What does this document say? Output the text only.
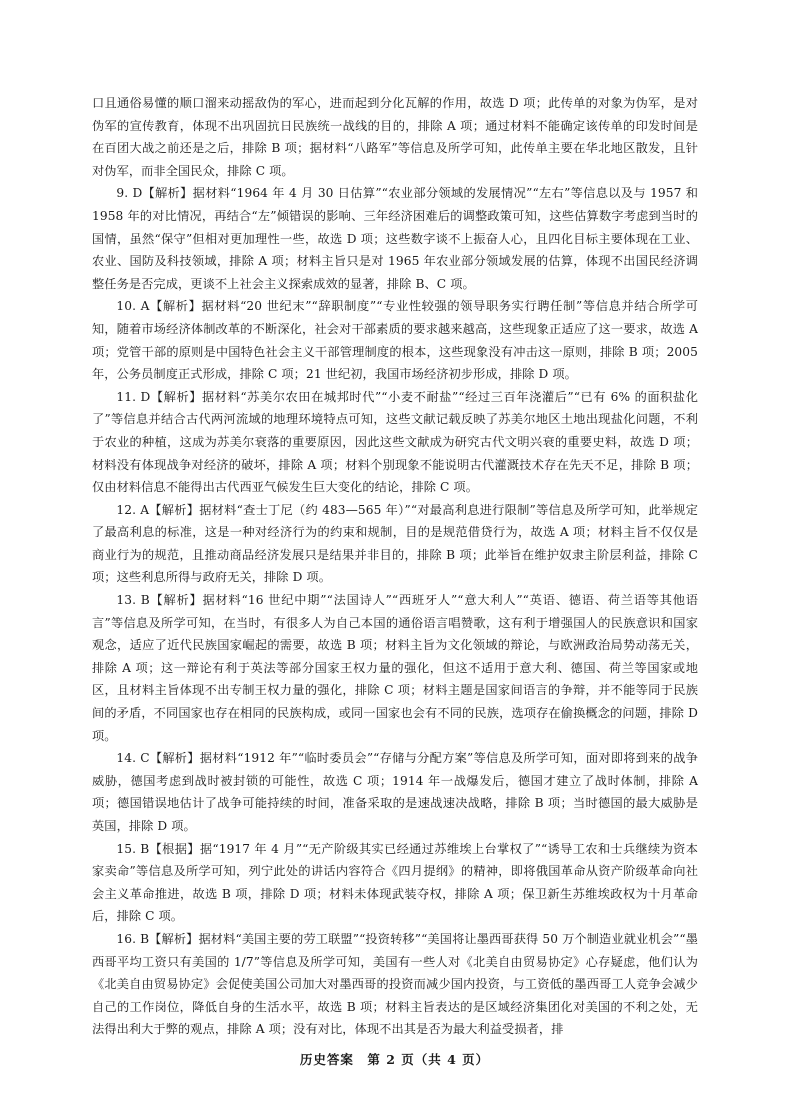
口且通俗易懂的顺口溜来动摇敌伪的军心，进而起到分化瓦解的作用，故选 D 项；此传单的对象为伪军，是对伪军的宣传教育，体现不出巩固抗日民族统一战线的目的，排除 A 项；通过材料不能确定该传单的印发时间是在百团大战之前还是之后，排除 B 项；据材料“八路军”等信息及所学可知，此传单主要在华北地区散发，且针对伪军，而非全国民众，排除 C 项。

9. D【解析】据材料“1964 年 4 月 30 日估算”“农业部分领域的发展情况”“左右”等信息以及与 1957 和 1958 年的对比情况，再结合“左”倾错误的影响、三年经济困难后的调整政策可知，这些估算数字考虑到当时的国情，虽然“保守”但相对更加理性一些，故选 D 项；这些数字谈不上振奋人心，且四化目标主要体现在工业、农业、国防及科技领域，排除 A 项；材料主旨只是对 1965 年农业部分领域发展的估算，体现不出国民经济调整任务是否完成，更谈不上社会主义探索成效的显著，排除 B、C 项。

10. A【解析】据材料“20 世纪末”“辞职制度”“专业性较强的领导职务实行聘任制”等信息并结合所学可知，随着市场经济体制改革的不断深化，社会对干部素质的要求越来越高，这些现象正适应了这一要求，故选 A 项；党管干部的原则是中国特色社会主义干部管理制度的根本，这些现象没有冲击这一原则，排除 B 项；2005 年，公务员制度正式形成，排除 C 项；21 世纪初，我国市场经济初步形成，排除 D 项。

11. D【解析】据材料“苏美尔农田在城邦时代”“小麦不耐盐”“经过三百年浇灌后”“已有 6% 的面积盐化了”等信息并结合古代两河流域的地理环境特点可知，这些文献记载反映了苏美尔地区土地出现盐化问题，不利于农业的种植，这成为苏美尔衰落的重要原因，因此这些文献成为研究古代文明兴衰的重要史料，故选 D 项；材料没有体现战争对经济的破坏，排除 A 项；材料个别现象不能说明古代灌溉技术存在先天不足，排除 B 项；仅由材料信息不能得出古代西亚气候发生巨大变化的结论，排除 C 项。

12. A【解析】据材料“查士丁尼（约 483—565 年）”“对最高利息进行限制”等信息及所学可知，此举规定了最高利息的标准，这是一种对经济行为的约束和规制，目的是规范借贷行为，故选 A 项；材料主旨不仅仅是商业行为的规范，且推动商品经济发展只是结果并非目的，排除 B 项；此举旨在维护奴隶主阶层利益，排除 C 项；这些利息所得与政府无关，排除 D 项。

13. B【解析】据材料“16 世纪中期”“法国诗人”“西班牙人”“意大利人”“英语、德语、荷兰语等其他语言”等信息及所学可知，在当时，有很多人为自己本国的通俗语言唱赞歌，这有利于增强国人的民族意识和国家观念，适应了近代民族国家崛起的需要，故选 B 项；材料主旨为文化领域的辩论，与欧洲政治局势动荡无关，排除 A 项；这一辩论有利于英法等部分国家王权力量的强化，但这不适用于意大利、德国、荷兰等国家或地区，且材料主旨体现不出专制王权力量的强化，排除 C 项；材料主题是国家间语言的争辩，并不能等同于民族间的矛盾，不同国家也存在相同的民族构成，或同一国家也会有不同的民族，选项存在偷换概念的问题，排除 D 项。

14. C【解析】据材料“1912 年”“临时委员会”“存储与分配方案”等信息及所学可知，面对即将到来的战争威胁，德国考虑到战时被封锁的可能性，故选 C 项；1914 年一战爆发后，德国才建立了战时体制，排除 A 项；德国错误地估计了战争可能持续的时间，准备采取的是速战速决战略，排除 B 项；当时德国的最大威胁是英国，排除 D 项。

15. B【根据】据“1917 年 4 月”“无产阶级其实已经通过苏维埃上台掌权了”“诱导工农和士兵继续为资本家卖命”等信息及所学可知，列宁此处的讲话内容符合《四月提纲》的精神，即将俄国革命从资产阶级革命向社会主义革命推进，故选 B 项，排除 D 项；材料未体现武装夺权，排除 A 项；保卫新生苏维埃政权为十月革命后，排除 C 项。

16. B【解析】据材料“美国主要的劳工联盟”“投资转移”“美国将让墨西哥获得 50 万个制造业就业机会”“墨西哥平均工资只有美国的 1/7”等信息及所学可知，美国有一些人对《北美自由贸易协定》心存疑虑，他们认为《北美自由贸易协定》会促使美国公司加大对墨西哥的投资而减少国内投资，与工资低的墨西哥工人竞争会减少自己的工作岗位，降低自身的生活水平，故选 B 项；材料主旨表达的是区域经济集团化对美国的不利之处，无法得出利大于弊的观点，排除 A 项；没有对比，体现不出其是否为最大利益受损者，排

历史答案　第 2 页（共 4 页）
